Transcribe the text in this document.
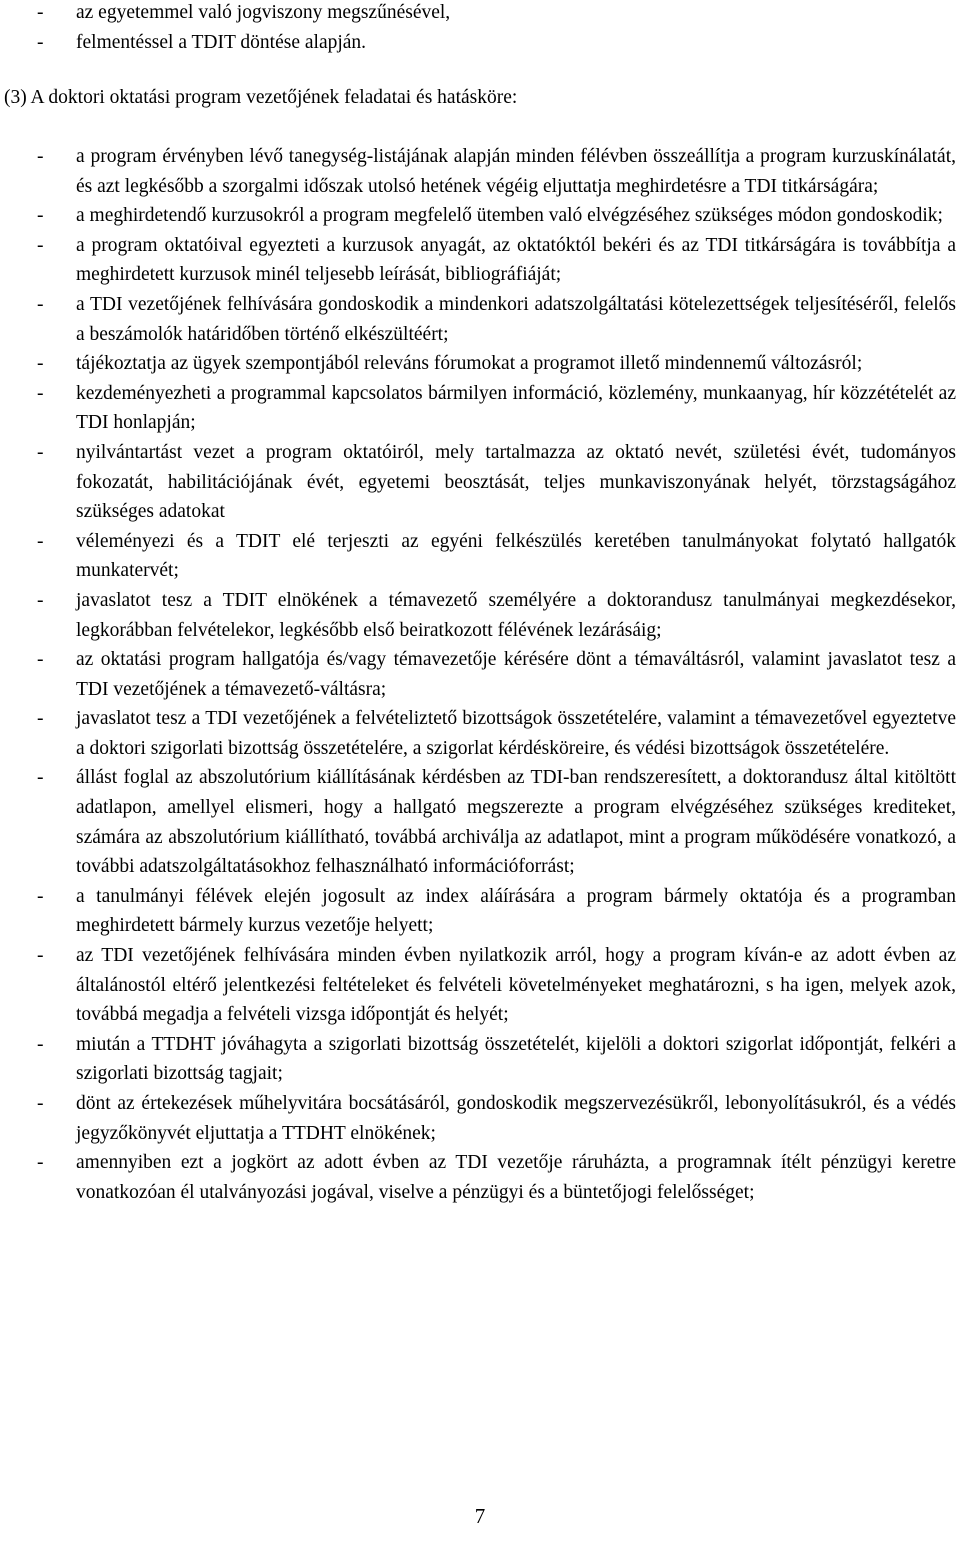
- az egyetemmel való jogviszony megszűnésével,
- felmentéssel a TDIT döntése alapján.
(3) A doktori oktatási program vezetőjének feladatai és hatásköre:
- a program érvényben lévő tanegység-listájának alapján minden félévben összeállítja a program kurzuskínálatát, és azt legkésőbb a szorgalmi időszak utolsó hetének végéig eljuttatja meghirdetésre a TDI titkárságára;
- a meghirdetendő kurzusokról a program megfelelő ütemben való elvégzéséhez szükséges módon gondoskodik;
- a program oktatóival egyezteti a kurzusok anyagát, az oktatóktól bekéri és az TDI titkárságára is továbbítja a meghirdetett kurzusok minél teljesebb leírását, bibliográfiáját;
- a TDI vezetőjének felhívására gondoskodik a mindenkori adatszolgáltatási kötelezettségek teljesítéséről, felelős a beszámolók határidőben történő elkészültéért;
- tájékoztatja az ügyek szempontjából releváns fórumokat a programot illető mindennemű változásról;
- kezdeményezheti a programmal kapcsolatos bármilyen információ, közlemény, munkaanyag, hír közzétételét az TDI honlapján;
- nyilvántartást vezet a program oktatóiról, mely tartalmazza az oktató nevét, születési évét, tudományos fokozatát, habilitációjának évét, egyetemi beosztását, teljes munkaviszonyának helyét, törzstagságához szükséges adatokat
- véleményezi és a TDIT elé terjeszti az egyéni felkészülés keretében tanulmányokat folytató hallgatók munkatervét;
- javaslatot tesz a TDIT elnökének a témavezető személyére a doktorandusz tanulmányai megkezdésekor, legkorábban felvételekor, legkésőbb első beiratkozott félévének lezárásáig;
- az oktatási program hallgatója és/vagy témavezetője kérésére dönt a témaváltásról, valamint javaslatot tesz a TDI vezetőjének a témavezető-váltásra;
- javaslatot tesz a TDI vezetőjének a felvételiztető bizottságok összetételére, valamint a témavezetővel egyeztetve a doktori szigorlati bizottság összetételére, a szigorlat kérdésköreire, és védési bizottságok összetételére.
- állást foglal az abszolutórium kiállításának kérdésben az TDI-ban rendszeresített, a doktorandusz által kitöltött adatlapon, amellyel elismeri, hogy a hallgató megszerezte a program elvégzéséhez szükséges krediteket, számára az abszolutórium kiállítható, továbbá archiválja az adatlapot, mint a program működésére vonatkozó, a további adatszolgáltatásokhoz felhasználható információforrást;
- a tanulmányi félévek elején jogosult az index aláírására a program bármely oktatója és a programban meghirdetett bármely kurzus vezetője helyett;
- az TDI vezetőjének felhívására minden évben nyilatkozik arról, hogy a program kíván-e az adott évben az általánostól eltérő jelentkezési feltételeket és felvételi követelményeket meghatározni, s ha igen, melyek azok, továbbá megadja a felvételi vizsga időpontját és helyét;
- miután a TTDHT jóváhagyta a szigorlati bizottság összetételét, kijelöli a doktori szigorlat időpontját, felkéri a szigorlati bizottság tagjait;
- dönt az értekezések műhelyvitára bocsátásáról, gondoskodik megszervezésükről, lebonyolításukról, és a védés jegyzőkönyvét eljuttatja a TTDHT elnökének;
- amennyiben ezt a jogkört az adott évben az TDI vezetője ráruházta, a programnak ítélt pénzügyi keretre vonatkozóan él utalványozási jogával, viselve a pénzügyi és a büntetőjogi felelősséget;
7
